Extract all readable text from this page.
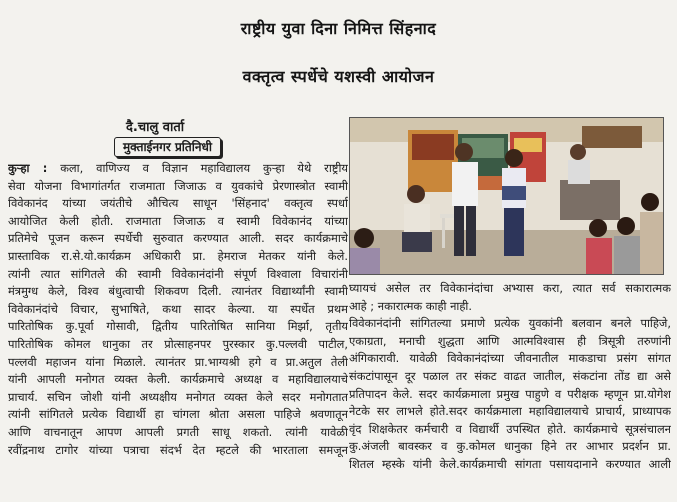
राष्ट्रीय युवा दिना निमित्त सिंहनाद
वक्तृत्व स्पर्धेचे यशस्वी आयोजन
दै.चालु वार्ता
मुक्ताईनगर प्रतिनिधी
कुऱ्हा : कला, वाणिज्य व विज्ञान महाविद्यालय कुऱ्हा येथे राष्ट्रीय
सेवा योजना विभागांतर्गत राजमाता जिजाऊ व युवकांचे प्रेरणास्त्रोत स्वामी
विवेकानंद यांच्या जयंतीचे औचित्य साधून 'सिंहनाद' वक्तृत्व स्पर्धा
आयोजित केली होती. राजमाता जिजाऊ व स्वामी विवेकानंद यांच्या
प्रतिमेचे पूजन करून स्पर्धेची सुरुवात करण्यात आली. सदर कार्यक्रमाचे
प्रास्ताविक रा.से.यो.कार्यक्रम अधिकारी प्रा. हेमराज मेतकर यांनी केले.
त्यांनी त्यात सांगितले की स्वामी विवेकानंदांनी संपूर्ण विश्वाला विचारांनी
मंत्रमुग्ध केले, विश्व बंधुत्वाची शिकवण दिली. त्यानंतर विद्यार्थ्यांनी स्वामी
विवेकानंदांचे विचार, सुभाषिते, कथा सादर केल्या. या स्पर्धेत प्रथम
पारितोषिक कु.पूर्वा गोसावी, द्वितीय पारितोषित सानिया मिर्झा, तृतीय
पारितोषिक कोमल धानुका तर प्रोत्साहनपर पुरस्कार कु.पल्लवी पाटील,
पल्लवी महाजन यांना मिळाले. त्यानंतर प्रा.भाग्यश्री हगे व प्रा.अतुल तेली
यांनी आपली मनोगत व्यक्त केली. कार्यक्रमाचे अध्यक्ष व महाविद्यालयाचे
प्राचार्य. सचिन जोशी यांनी अध्यक्षीय मनोगत व्यक्त केले सदर मनोगतात
त्यांनी सांगितले प्रत्येक विद्यार्थी हा चांगला श्रोता असला पाहिजे श्रवणातून
आणि वाचनातून आपण आपली प्रगती साधू शकतो. त्यांनी यावेळी
रवींद्रनाथ टागोर यांच्या पत्राचा संदर्भ देत म्हटले की भारताला समजून
घ्यायचं असेल तर विवेकानंदांचा अभ्यास करा, त्यात सर्व सकारात्मक
आहे ; नकारात्मक काही नाही.
विवेकानंदांनी सांगितल्या प्रमाणे प्रत्येक युवकांनी बलवान बनले पाहिजे,
एकाग्रता, मनाची शुद्धता आणि आत्मविश्वास ही त्रिसूत्री तरुणांनी
अंगिकारावी. यावेळी विवेकानंदांच्या जीवनातील माकडाचा प्रसंग सांगत
संकटांपासून दूर पळाल तर संकट वाढत जातील, संकटांना तोंड द्या असे
प्रतिपादन केले. सदर कार्यक्रमाला प्रमुख पाहुणे व परीक्षक म्हणून प्रा.योगेश
नेटके सर लाभले होते.सदर कार्यक्रमाला महाविद्यालयाचे प्राचार्य, प्राध्यापक
वृंद शिक्षकेतर कर्मचारी व विद्यार्थी उपस्थित होते. कार्यक्रमाचे सूत्रसंचालन
कु.अंजली बावस्कर व कु.कोमल धानुका हिने तर आभार प्रदर्शन प्रा.
शितल म्हस्के यांनी केले.कार्यक्रमाची सांगता पसायदानाने करण्यात आली
